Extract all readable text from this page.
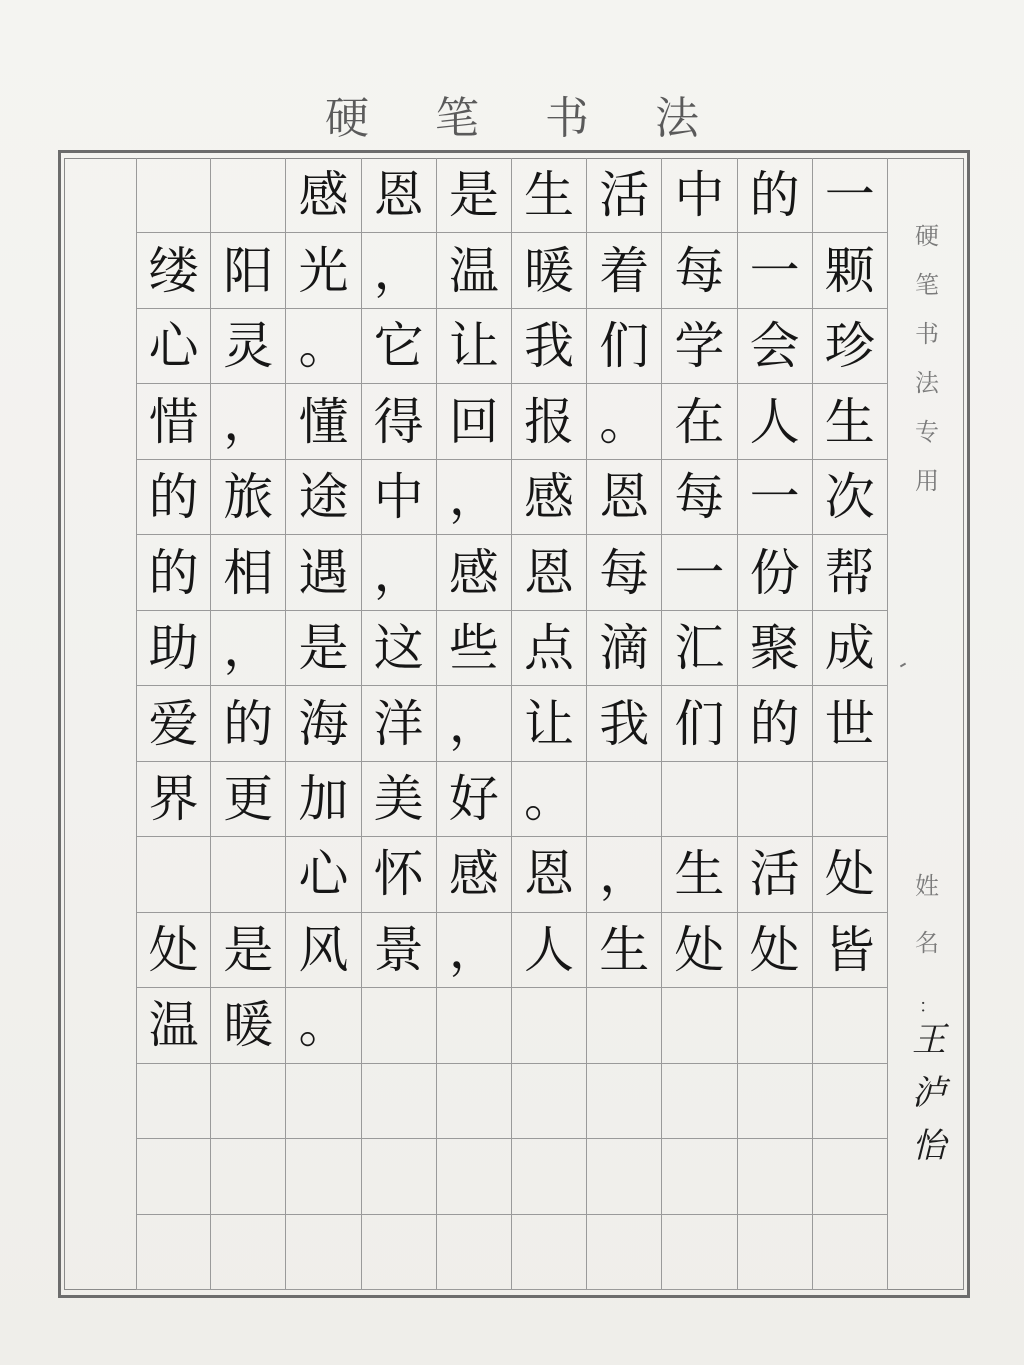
硬 笔 书 法
感 恩 是 生 活 中 的 一
缕 阳 光 ， 温 暖 着 每 一 颗
心 灵 。 它 让 我 们 学 会 珍
惜 ， 懂 得 回 报 。 在 人 生
的 旅 途 中 ， 感 恩 每 一 次
的 相 遇 ， 感 恩 每 一 份 帮
助 ， 是 这 些 点 滴 汇 聚 成
爱 的 海 洋 ， 让 我 们 的 世
界 更 加 美 好 。
心 怀 感 恩 ， 生 活 处
处 是 风 景 ， 人 生 处 处 皆
温 暖 。
硬
笔
书
法
专
用
姓
名
：
王
泸
怡
